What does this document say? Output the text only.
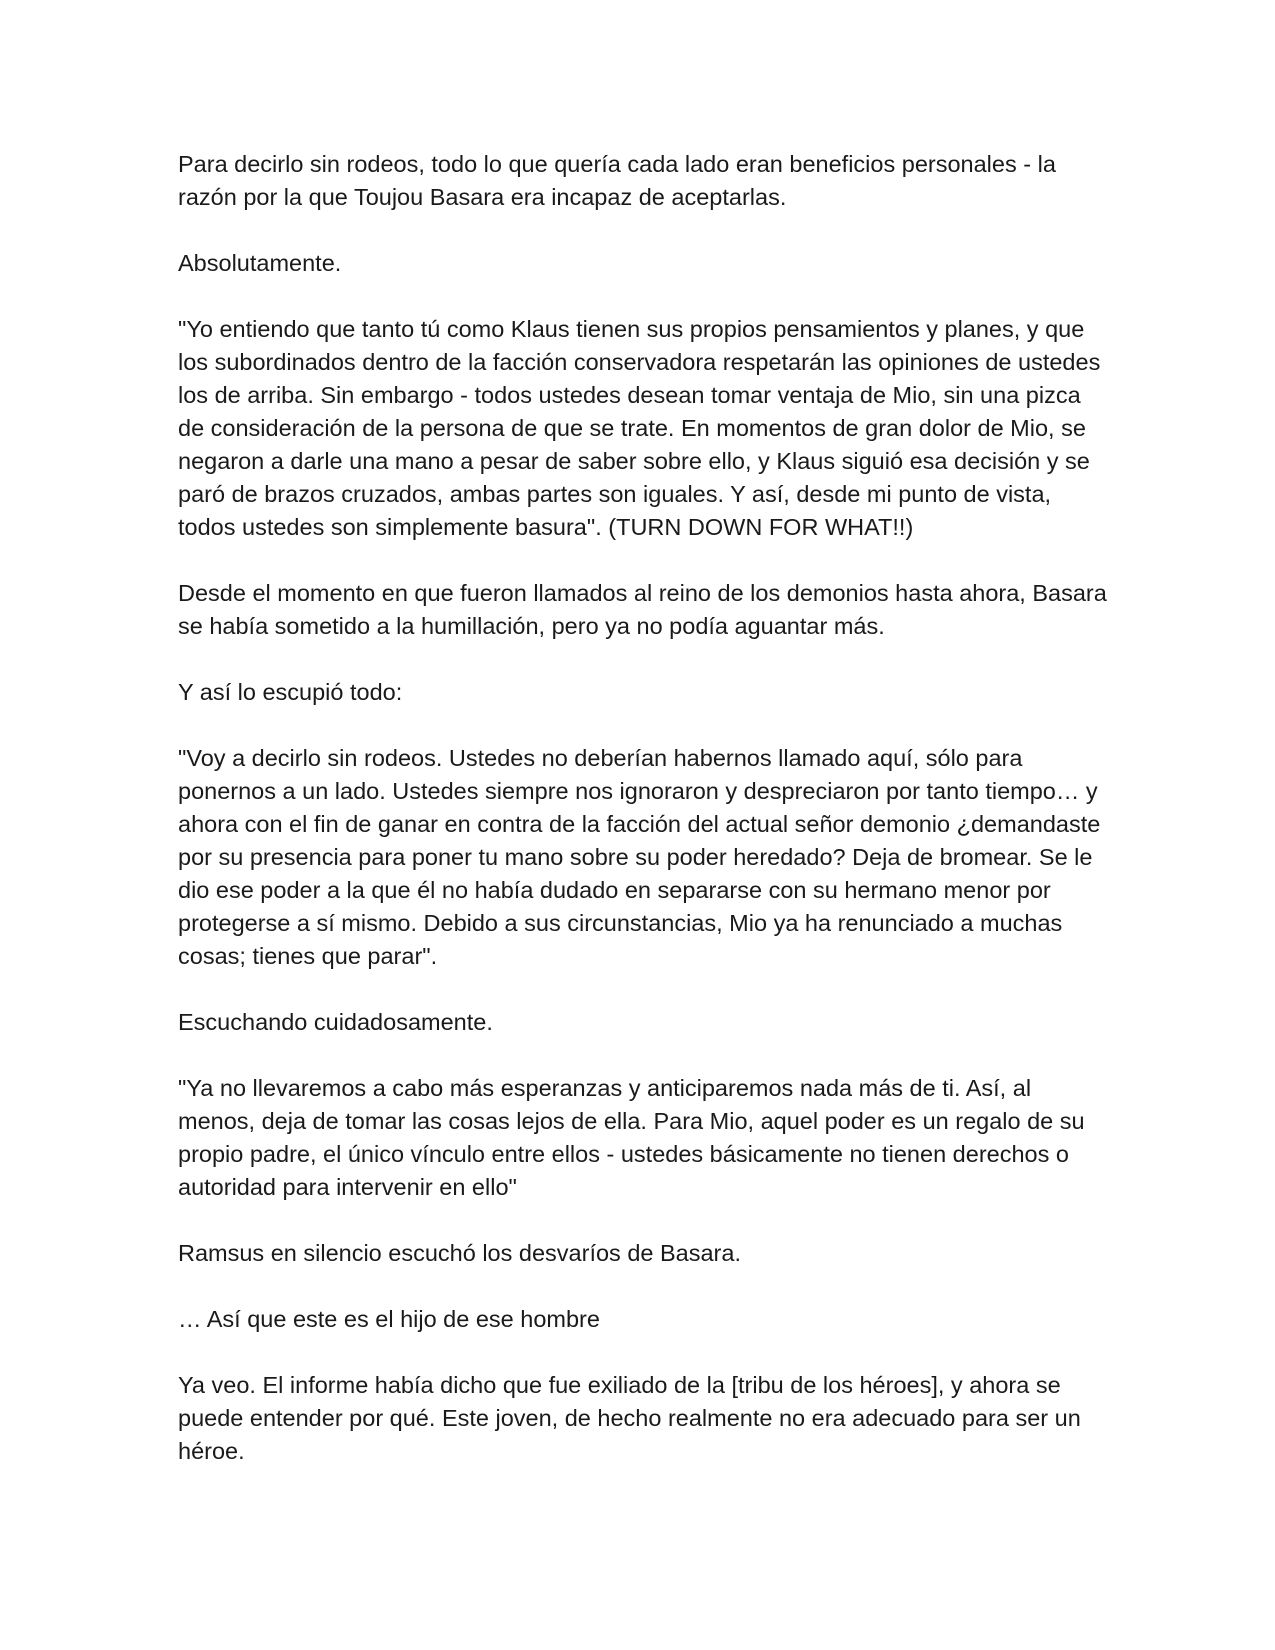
Para decirlo sin rodeos, todo lo que quería cada lado eran beneficios personales - la razón por la que Toujou Basara era incapaz de aceptarlas.

Absolutamente.

"Yo entiendo que tanto tú como Klaus tienen sus propios pensamientos y planes, y que los subordinados dentro de la facción conservadora respetarán las opiniones de ustedes los de arriba. Sin embargo - todos ustedes desean tomar ventaja de Mio, sin una pizca de consideración de la persona de que se trate. En momentos de gran dolor de Mio, se negaron a darle una mano a pesar de saber sobre ello, y Klaus siguió esa decisión y se paró de brazos cruzados, ambas partes son iguales. Y así, desde mi punto de vista, todos ustedes son simplemente basura". (TURN DOWN FOR WHAT!!)

Desde el momento en que fueron llamados al reino de los demonios hasta ahora, Basara se había sometido a la humillación, pero ya no podía aguantar más.

Y así lo escupió todo:

"Voy a decirlo sin rodeos. Ustedes no deberían habernos llamado aquí, sólo para ponernos a un lado. Ustedes siempre nos ignoraron y despreciaron por tanto tiempo… y ahora con el fin de ganar en contra de la facción del actual señor demonio ¿demandaste por su presencia para poner tu mano sobre su poder heredado? Deja de bromear. Se le dio ese poder a la que él no había dudado en separarse con su hermano menor por protegerse a sí mismo. Debido a sus circunstancias, Mio ya ha renunciado a muchas cosas; tienes que parar".

Escuchando cuidadosamente.

"Ya no llevaremos a cabo más esperanzas y anticiparemos nada más de ti. Así, al menos, deja de tomar las cosas lejos de ella. Para Mio, aquel poder es un regalo de su propio padre, el único vínculo entre ellos - ustedes básicamente no tienen derechos o autoridad para intervenir en ello"

Ramsus en silencio escuchó los desvaríos de Basara.

… Así que este es el hijo de ese hombre

Ya veo. El informe había dicho que fue exiliado de la [tribu de los héroes], y ahora se puede entender por qué. Este joven, de hecho realmente no era adecuado para ser un héroe.
